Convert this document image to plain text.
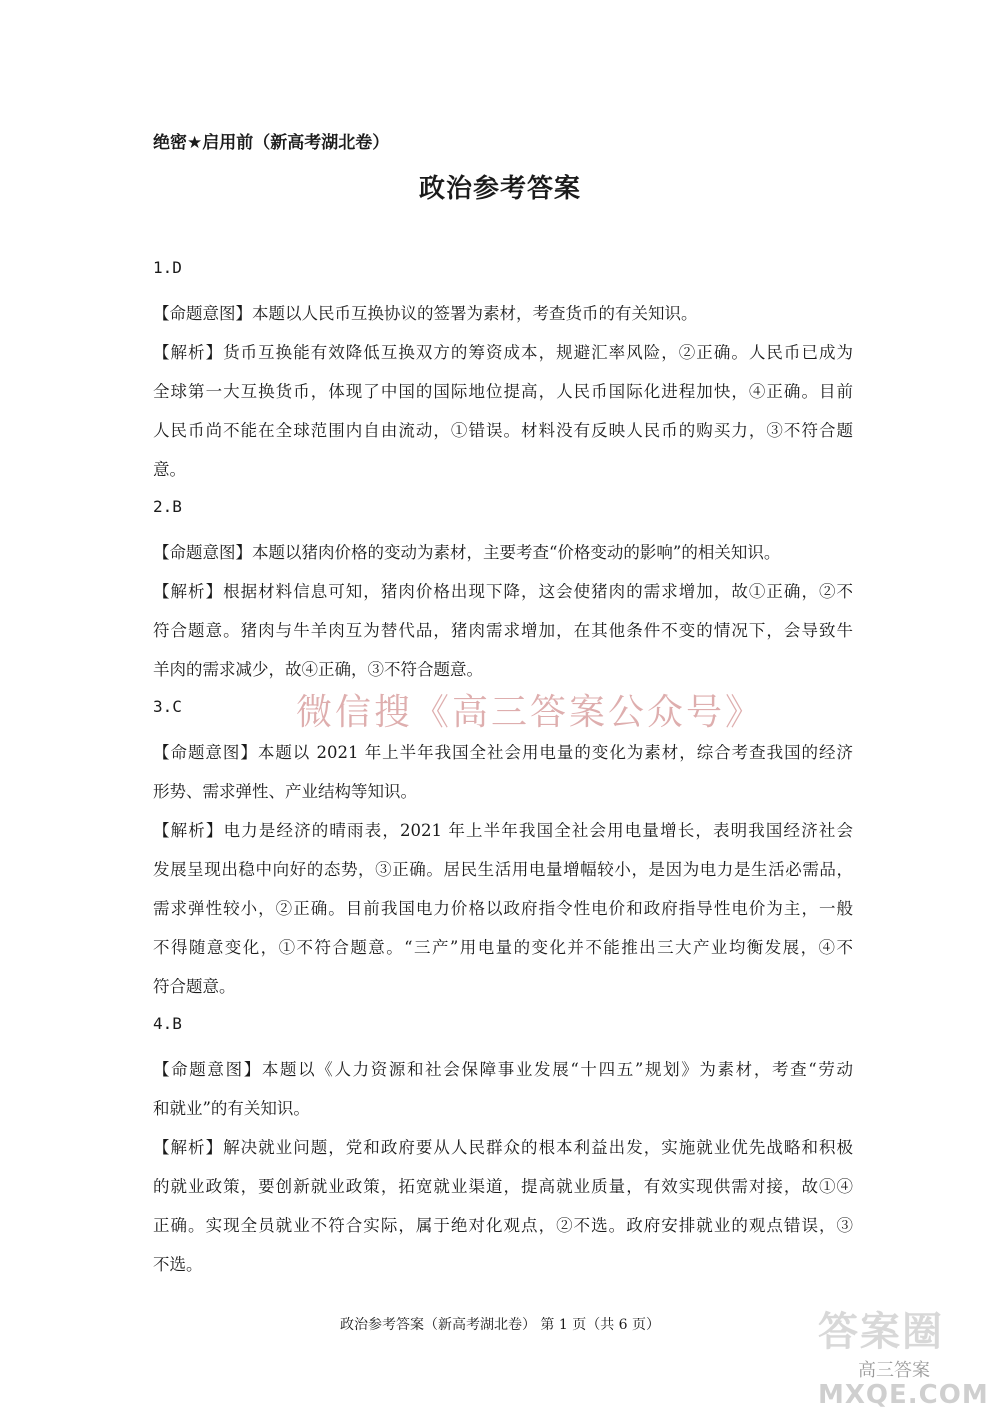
绝密★启用前（新高考湖北卷）
政治参考答案
1.D
【命题意图】本题以人民币互换协议的签署为素材，考查货币的有关知识。
【解析】货币互换能有效降低互换双方的筹资成本，规避汇率风险，②正确。人民币已成为
全球第一大互换货币，体现了中国的国际地位提高，人民币国际化进程加快，④正确。目前
人民币尚不能在全球范围内自由流动，①错误。材料没有反映人民币的购买力，③不符合题
意。
2.B
【命题意图】本题以猪肉价格的变动为素材，主要考查“价格变动的影响”的相关知识。
【解析】根据材料信息可知，猪肉价格出现下降，这会使猪肉的需求增加，故①正确，②不
符合题意。猪肉与牛羊肉互为替代品，猪肉需求增加，在其他条件不变的情况下，会导致牛
羊肉的需求减少，故④正确，③不符合题意。
3.C
【命题意图】本题以 2021 年上半年我国全社会用电量的变化为素材，综合考查我国的经济
形势、需求弹性、产业结构等知识。
【解析】电力是经济的晴雨表，2021 年上半年我国全社会用电量增长，表明我国经济社会
发展呈现出稳中向好的态势，③正确。居民生活用电量增幅较小，是因为电力是生活必需品，
需求弹性较小，②正确。目前我国电力价格以政府指令性电价和政府指导性电价为主，一般
不得随意变化，①不符合题意。“三产”用电量的变化并不能推出三大产业均衡发展，④不
符合题意。
4.B
【命题意图】本题以《人力资源和社会保障事业发展“十四五”规划》为素材，考查“劳动
和就业”的有关知识。
【解析】解决就业问题，党和政府要从人民群众的根本利益出发，实施就业优先战略和积极
的就业政策，要创新就业政策，拓宽就业渠道，提高就业质量，有效实现供需对接，故①④
正确。实现全员就业不符合实际，属于绝对化观点，②不选。政府安排就业的观点错误，③
不选。
微信搜《高三答案公众号》
政治参考答案（新高考湖北卷） 第 1 页（共 6 页）	答案圈
高三答案
MXQE.COM
